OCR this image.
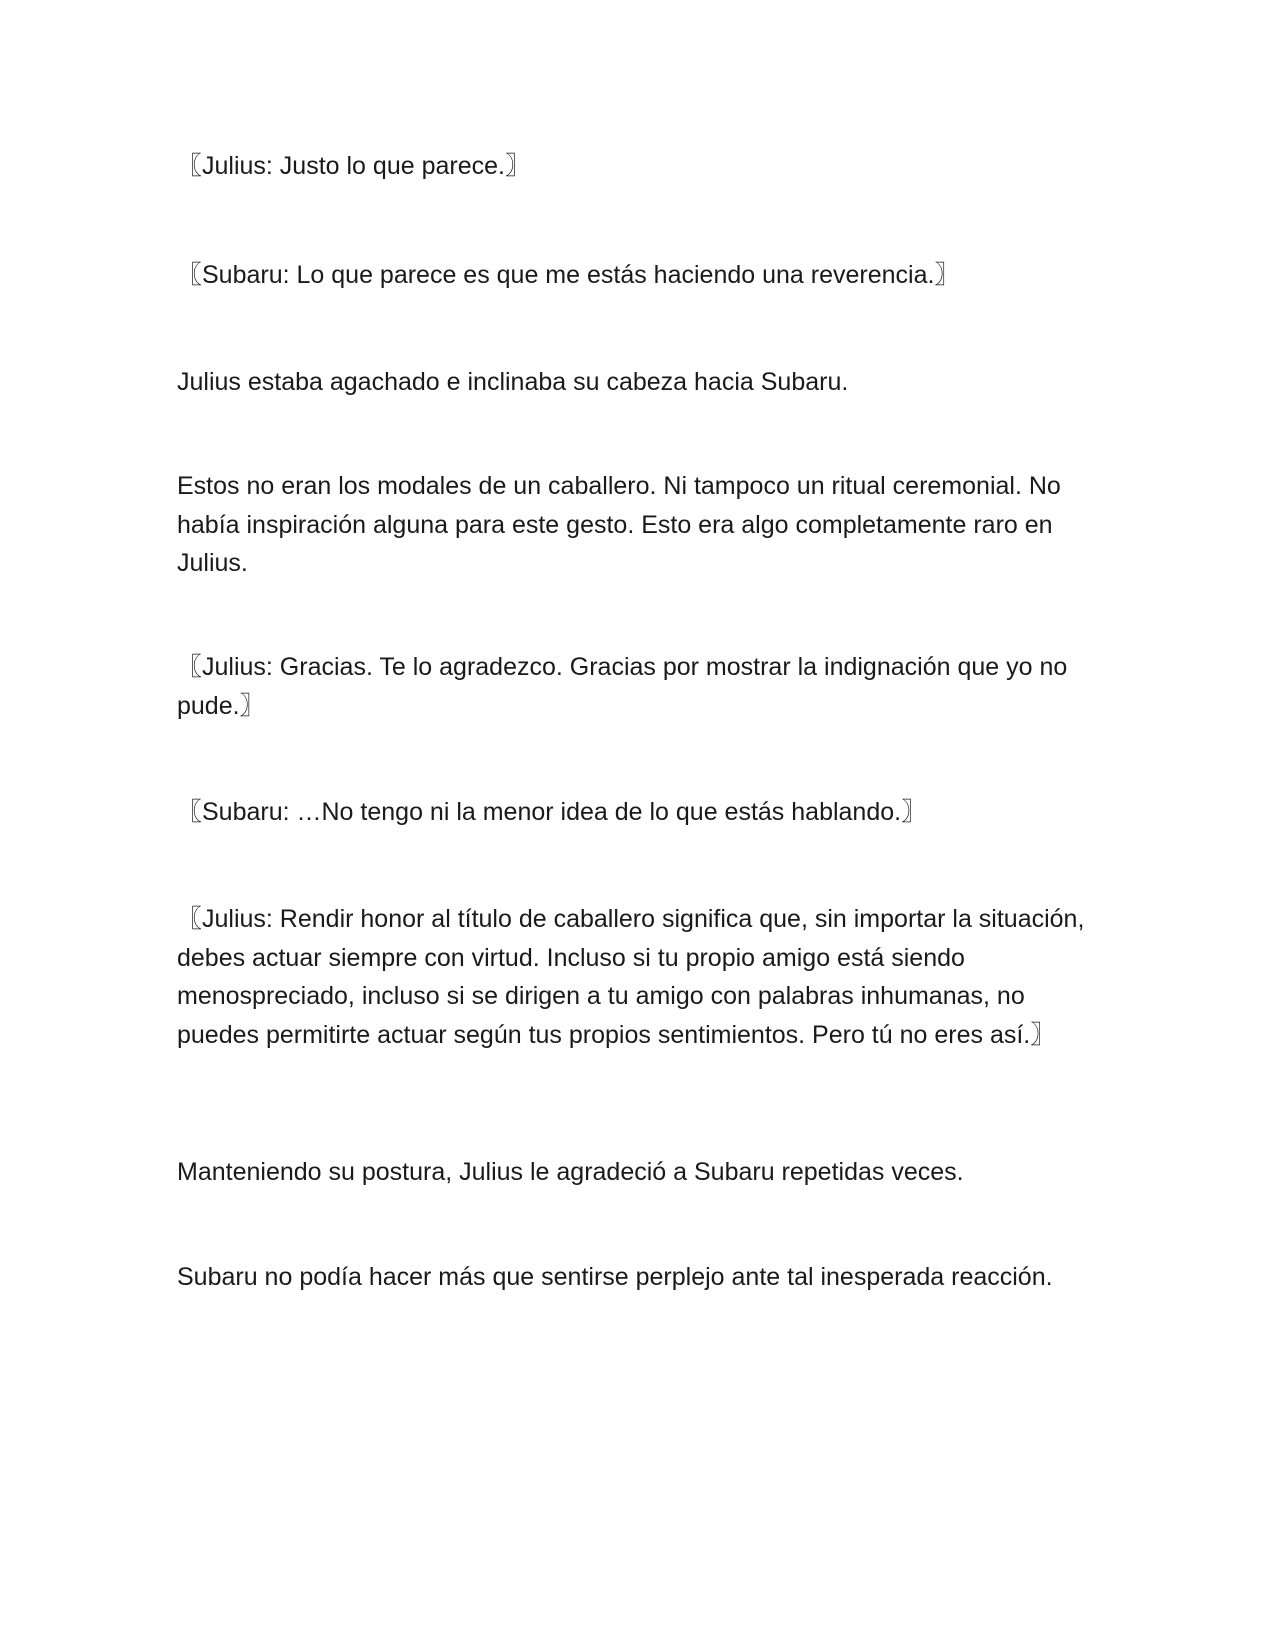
〖Julius: Justo lo que parece.〗

〖Subaru: Lo que parece es que me estás haciendo una reverencia.〗

Julius estaba agachado e inclinaba su cabeza hacia Subaru.

Estos no eran los modales de un caballero. Ni tampoco un ritual ceremonial. No había inspiración alguna para este gesto. Esto era algo completamente raro en Julius.

〖Julius: Gracias. Te lo agradezco. Gracias por mostrar la indignación que yo no pude.〗

〖Subaru: …No tengo ni la menor idea de lo que estás hablando.〗

〖Julius: Rendir honor al título de caballero significa que, sin importar la situación, debes actuar siempre con virtud. Incluso si tu propio amigo está siendo menospreciado, incluso si se dirigen a tu amigo con palabras inhumanas, no puedes permitirte actuar según tus propios sentimientos. Pero tú no eres así.〗

Manteniendo su postura, Julius le agradeció a Subaru repetidas veces.

Subaru no podía hacer más que sentirse perplejo ante tal inesperada reacción.
